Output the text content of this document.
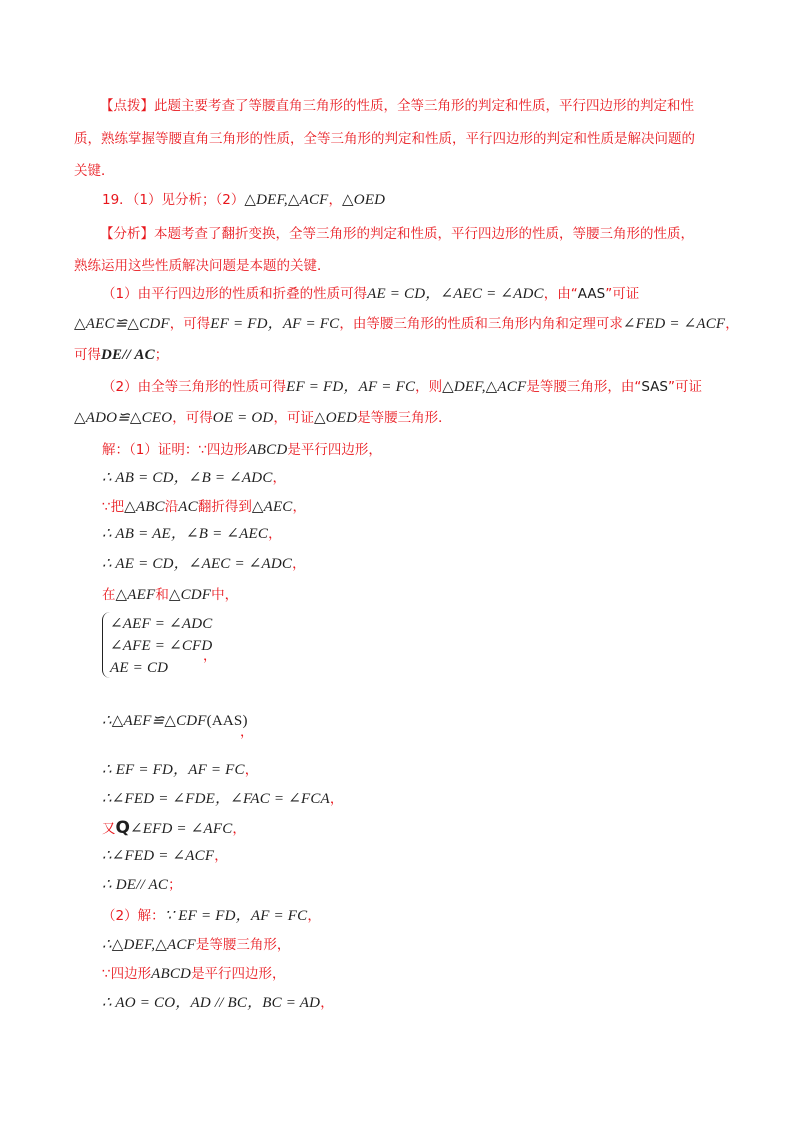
【点拨】此题主要考查了等腰直角三角形的性质，全等三角形的判定和性质，平行四边形的判定和性
质，熟练掌握等腰直角三角形的性质，全等三角形的判定和性质，平行四边形的判定和性质是解决问题的
关键．
19．（1）见分析；（2）△DEF,△ACF，△OED
【分析】本题考查了翻折变换，全等三角形的判定和性质，平行四边形的性质，等腰三角形的性质，
熟练运用这些性质解决问题是本题的关键．
（1）由平行四边形的性质和折叠的性质可得AE = CD，∠AEC = ∠ADC，由“AAS”可证
△AEC≌△CDF，可得EF = FD，AF = FC，由等腰三角形的性质和三角形内角和定理可求∠FED = ∠ACF，
可得DE// AC；
（2）由全等三角形的性质可得EF = FD，AF = FC，则△DEF,△ACF是等腰三角形，由“SAS”可证
△ADO≌△CEO，可得OE = OD，可证△OED是等腰三角形．
解：（1）证明：∵四边形ABCD是平行四边形，
∴ AB = CD，∠B = ∠ADC，
∵把△ABC沿AC翻折得到△AEC，
∴ AB = AE，∠B = ∠AEC，
∴ AE = CD，∠AEC = ∠ADC，
在△AEF和△CDF中，
∠AEF = ∠ADC
∠AFE = ∠CFD
AE = CD
，
∴△AEF≌△CDF(AAS)
，
∴ EF = FD，AF = FC，
∴∠FED = ∠FDE，∠FAC = ∠FCA，
又Q∠EFD = ∠AFC，
∴∠FED = ∠ACF，
∴ DE// AC；
（2）解：∵ EF = FD，AF = FC，
∴△DEF,△ACF是等腰三角形，
∵四边形ABCD是平行四边形，
∴ AO = CO，AD // BC，BC = AD，
